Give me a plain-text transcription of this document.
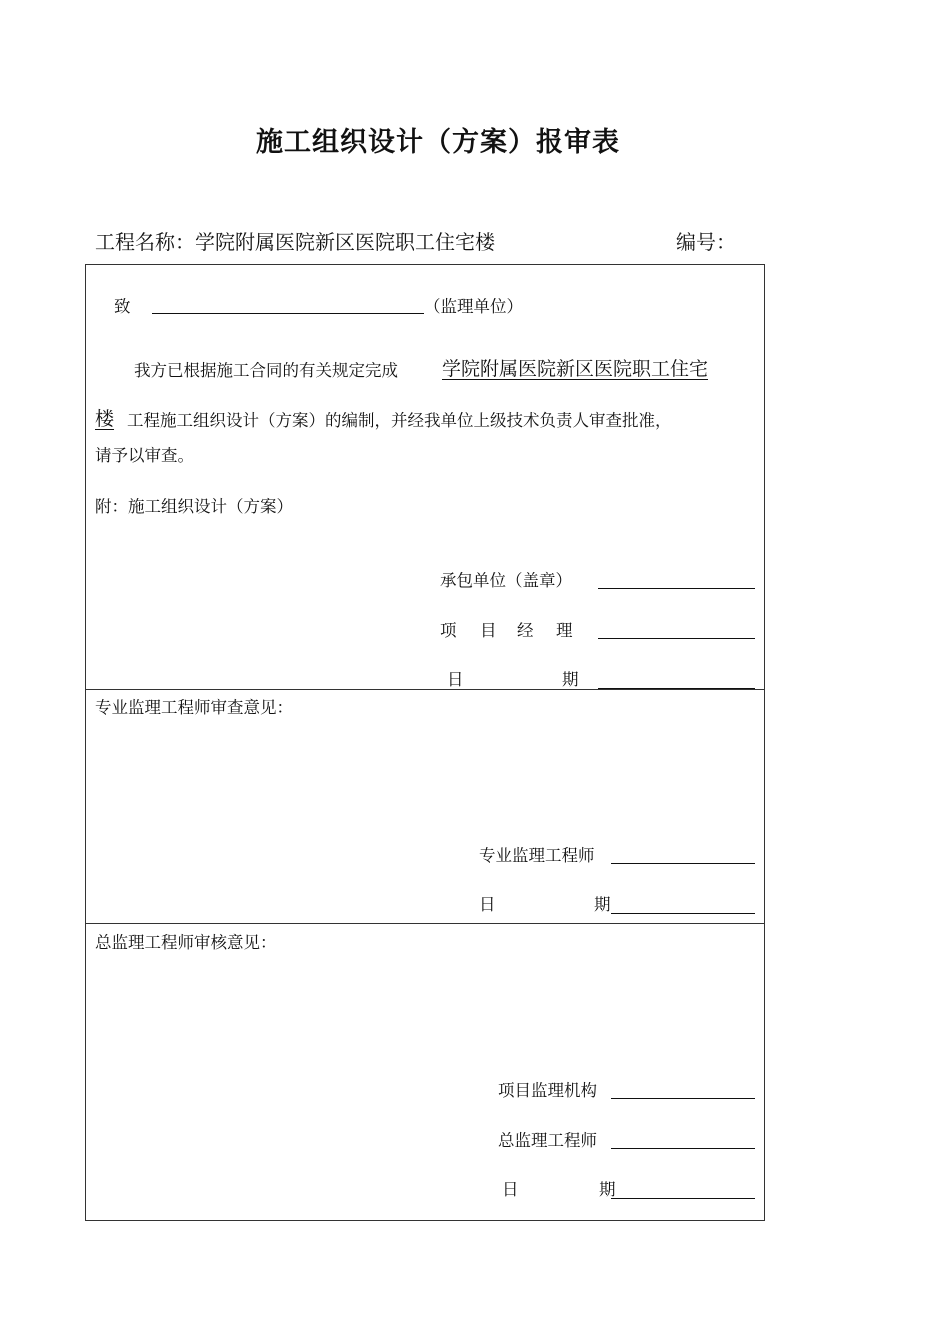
施工组织设计（方案）报审表
工程名称：学院附属医院新区医院职工住宅楼	编号：
致	（监理单位）
我方已根据施工合同的有关规定完成 学院附属医院新区医院职工住宅
楼 工程施工组织设计（方案）的编制，并经我单位上级技术负责人审查批准，
请予以审查。
附：施工组织设计（方案）
承包单位（盖章）
项 目 经 理
日	期
专业监理工程师审查意见：
专业监理工程师
日	期
总监理工程师审核意见：
项目监理机构
总监理工程师
日	期
